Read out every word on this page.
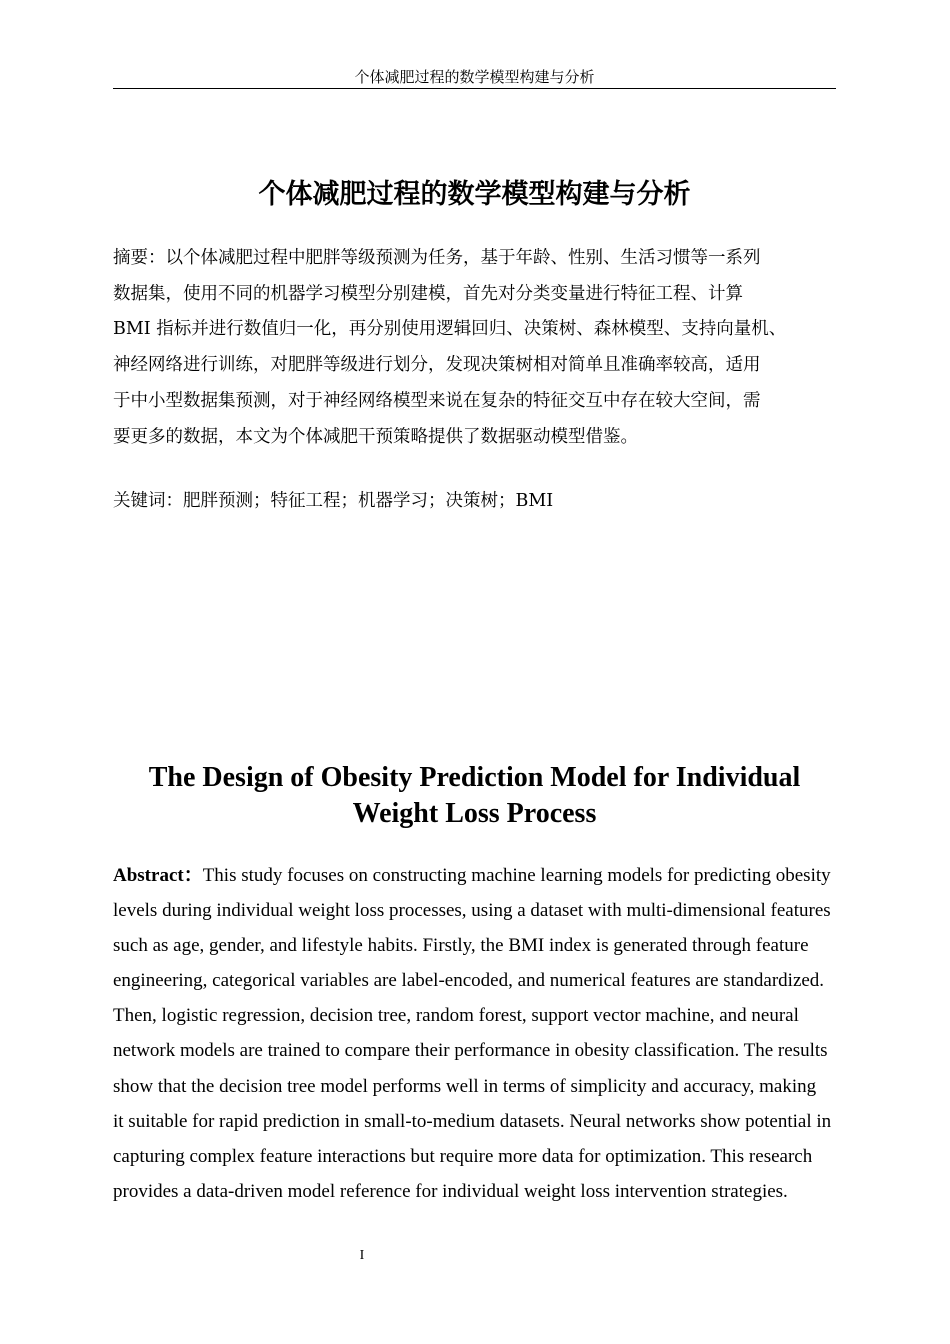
个体减肥过程的数学模型构建与分析
个体减肥过程的数学模型构建与分析
摘要：以个体减肥过程中肥胖等级预测为任务，基于年龄、性别、生活习惯等一系列
数据集，使用不同的机器学习模型分别建模，首先对分类变量进行特征工程、计算
BMI 指标并进行数值归一化，再分别使用逻辑回归、决策树、森林模型、支持向量机、
神经网络进行训练，对肥胖等级进行划分，发现决策树相对简单且准确率较高，适用
于中小型数据集预测，对于神经网络模型来说在复杂的特征交互中存在较大空间，需
要更多的数据，本文为个体减肥干预策略提供了数据驱动模型借鉴。
关键词：肥胖预测；特征工程；机器学习；决策树；BMI
The Design of Obesity Prediction Model for Individual
Weight Loss Process
Abstract：This study focuses on constructing machine learning models for predicting obesity
levels during individual weight loss processes, using a dataset with multi-dimensional features
such as age, gender, and lifestyle habits. Firstly, the BMI index is generated through feature
engineering, categorical variables are label-encoded, and numerical features are standardized.
Then, logistic regression, decision tree, random forest, support vector machine, and neural
network models are trained to compare their performance in obesity classification. The results
show that the decision tree model performs well in terms of simplicity and accuracy, making
it suitable for rapid prediction in small-to-medium datasets. Neural networks show potential in
capturing complex feature interactions but require more data for optimization. This research
provides a data-driven model reference for individual weight loss intervention strategies.
I
